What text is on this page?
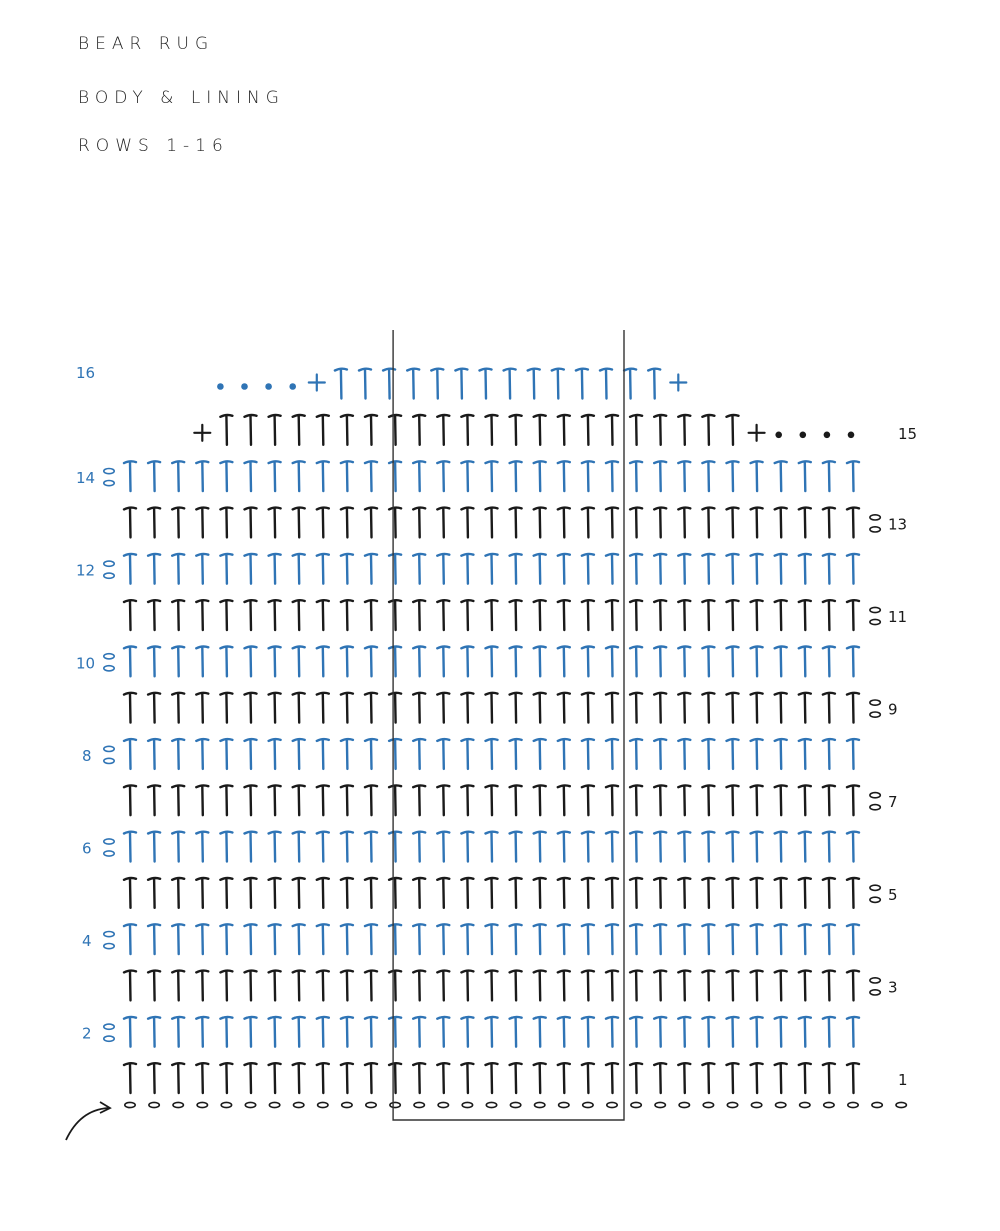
BEAR RUG
BODY & LINING
ROWS 1-16
1
2
3
4
5
6
7
8
9
10
11
12
13
14
15
16
